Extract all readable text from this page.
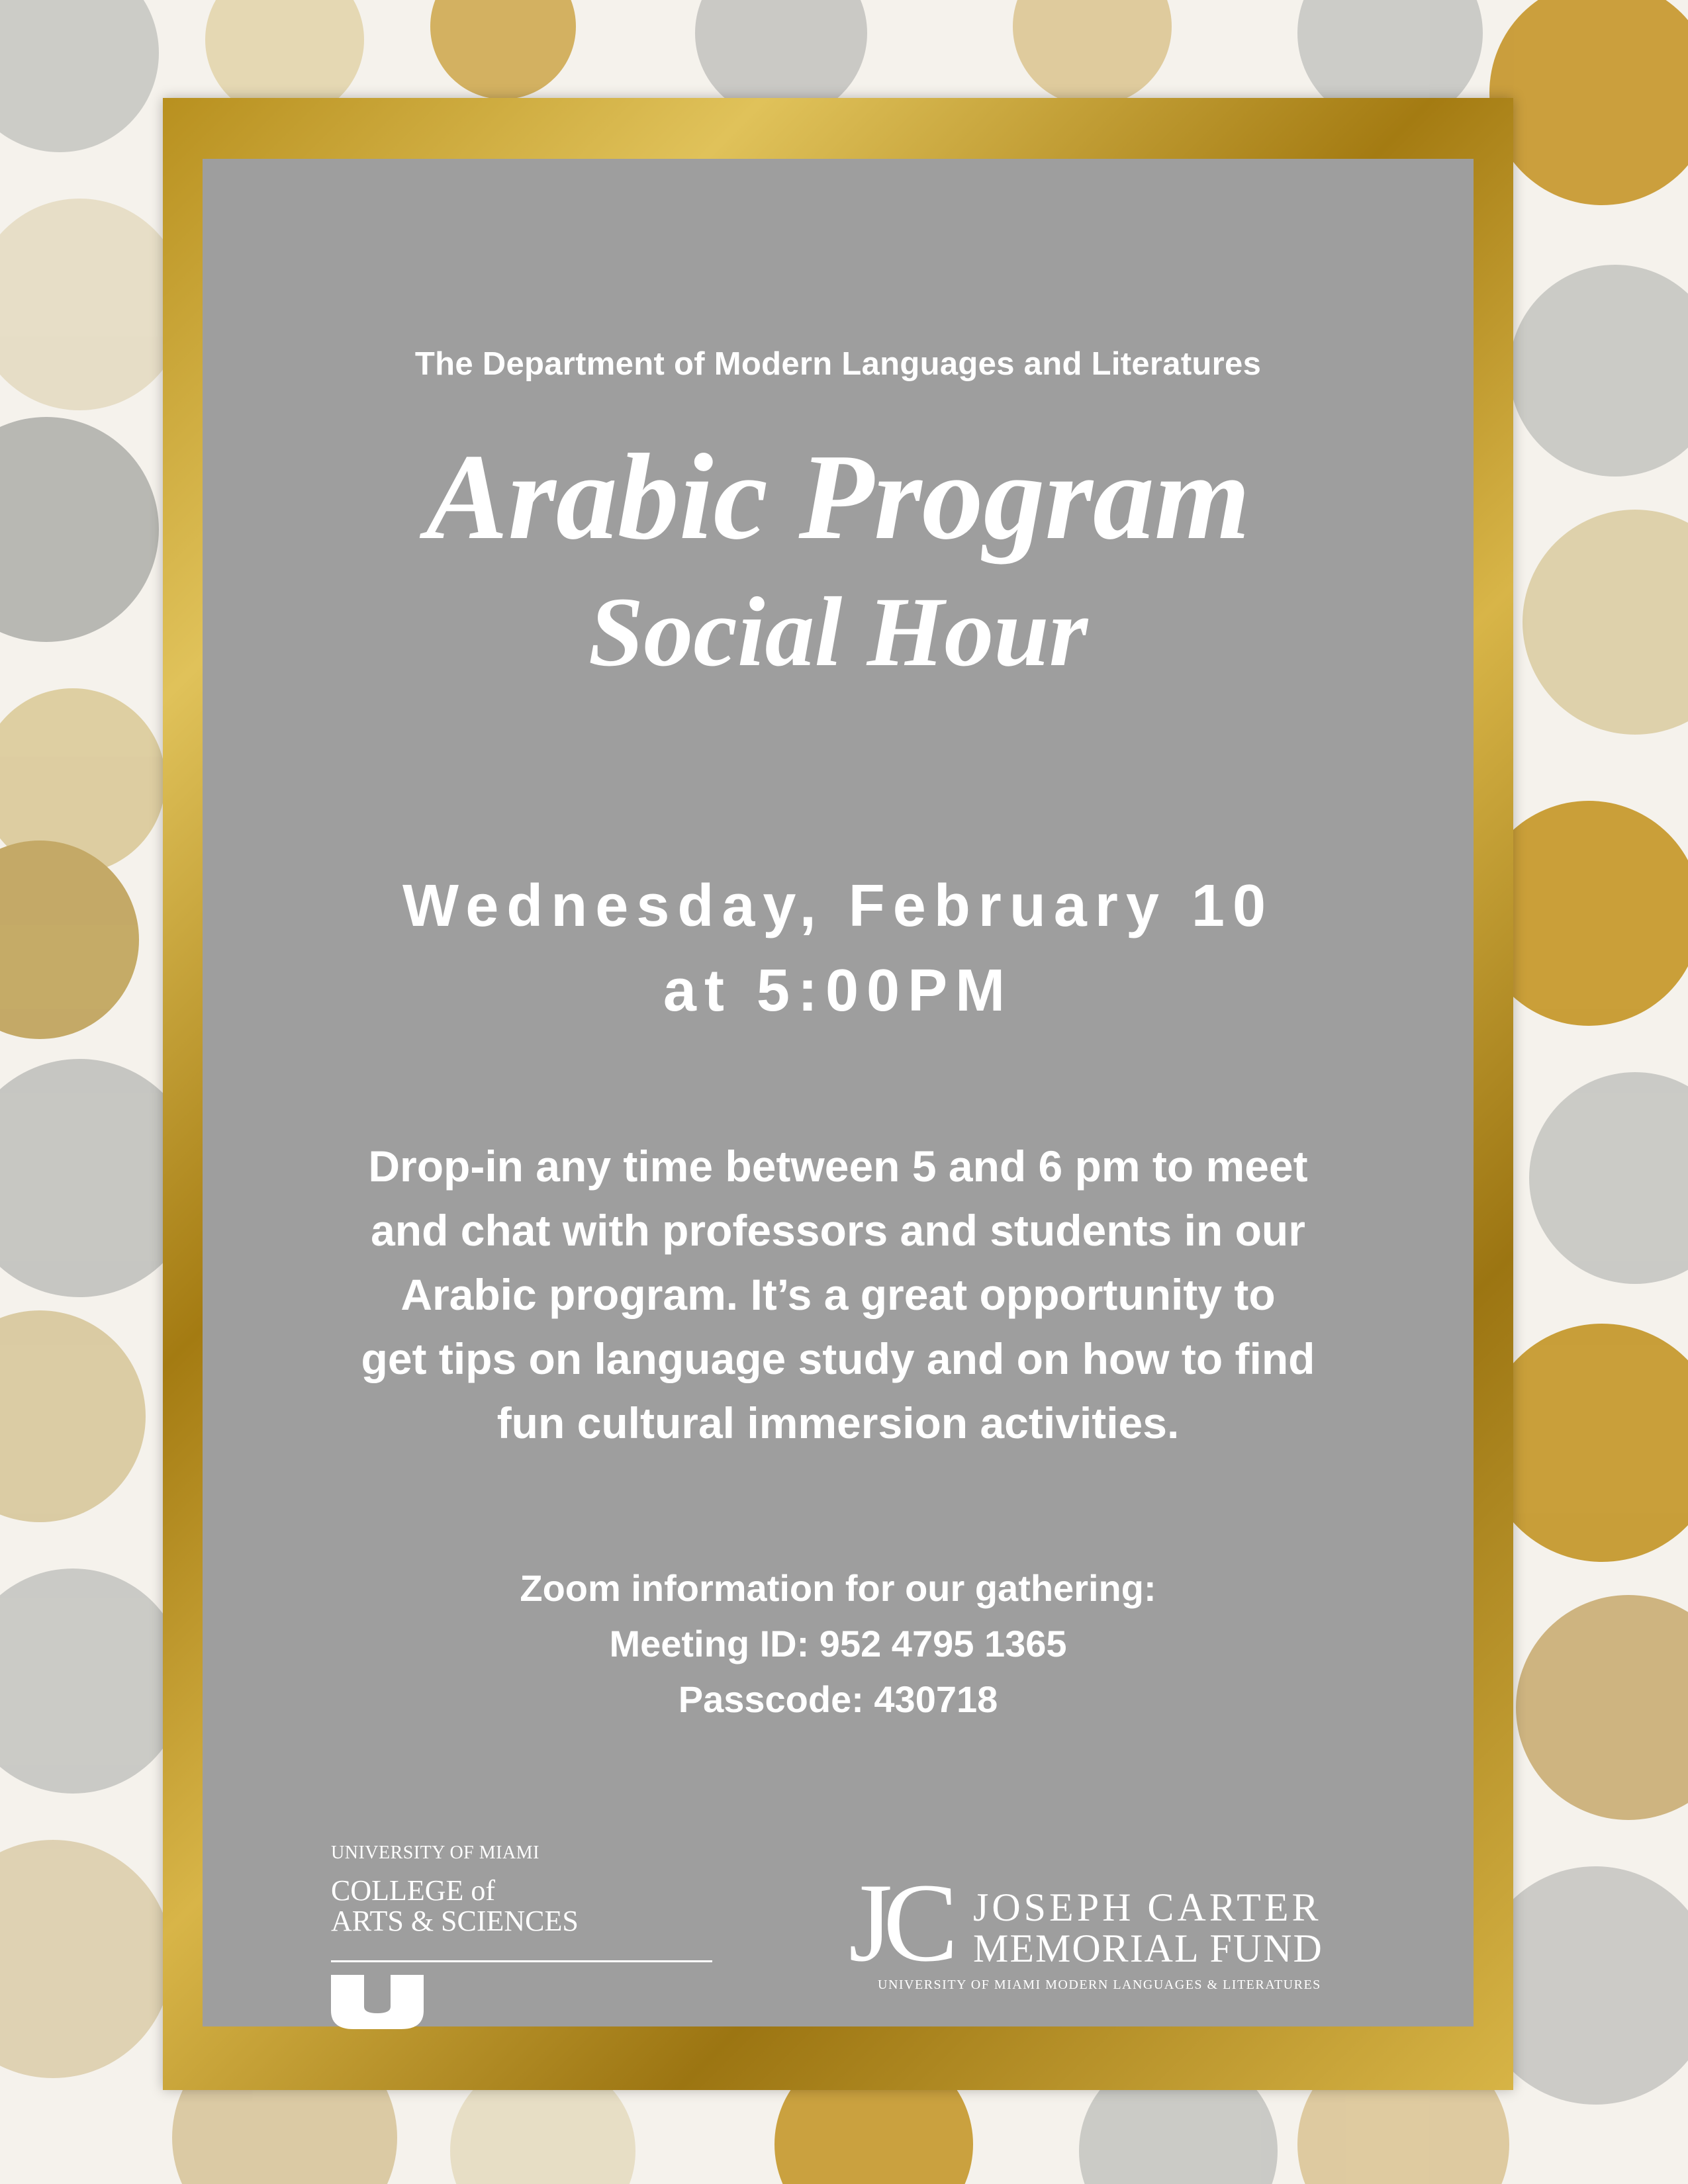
The Department of Modern Languages and Literatures
Arabic Program
Social Hour
Wednesday, February 10
at 5:00PM
Drop-in any time between 5 and 6 pm to meet
and chat with professors and students in our
Arabic program. It’s a great opportunity to
get tips on language study and on how to find
fun cultural immersion activities.
Zoom information for our gathering:
Meeting ID: 952 4795 1365
Passcode: 430718
UNIVERSITY OF MIAMI
COLLEGE of
ARTS & SCIENCES	JC JOSEPH CARTER
MEMORIAL FUND
UNIVERSITY OF MIAMI MODERN LANGUAGES & LITERATURES
